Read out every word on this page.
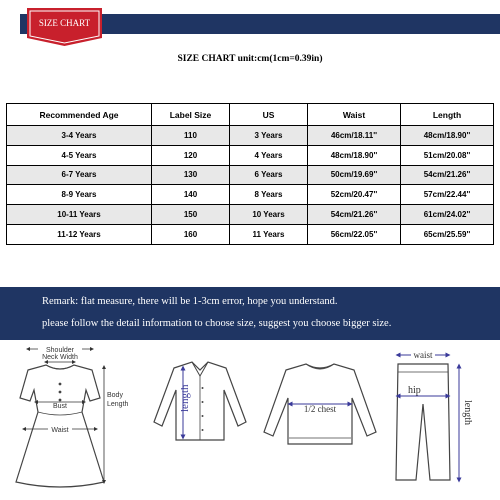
SIZE CHART
SIZE CHART unit:cm(1cm=0.39in)
Recommended Age	Label Size	US	Waist	Length
3-4 Years	110	3 Years	46cm/18.11''	48cm/18.90''
4-5 Years	120	4 Years	48cm/18.90''	51cm/20.08''
6-7 Years	130	6 Years	50cm/19.69''	54cm/21.26''
8-9 Years	140	8 Years	52cm/20.47''	57cm/22.44''
10-11 Years	150	10 Years	54cm/21.26''	61cm/24.02''
11-12 Years	160	11 Years	56cm/22.05''	65cm/25.59''
Remark: flat measure, there will be 1-3cm error, hope you understand.
please follow the detail information to choose size, suggest you choose bigger size.
Shoulder
Neck Width
Bust
Waist
Body
Length	length	1/2 chest
waist
hip
length
